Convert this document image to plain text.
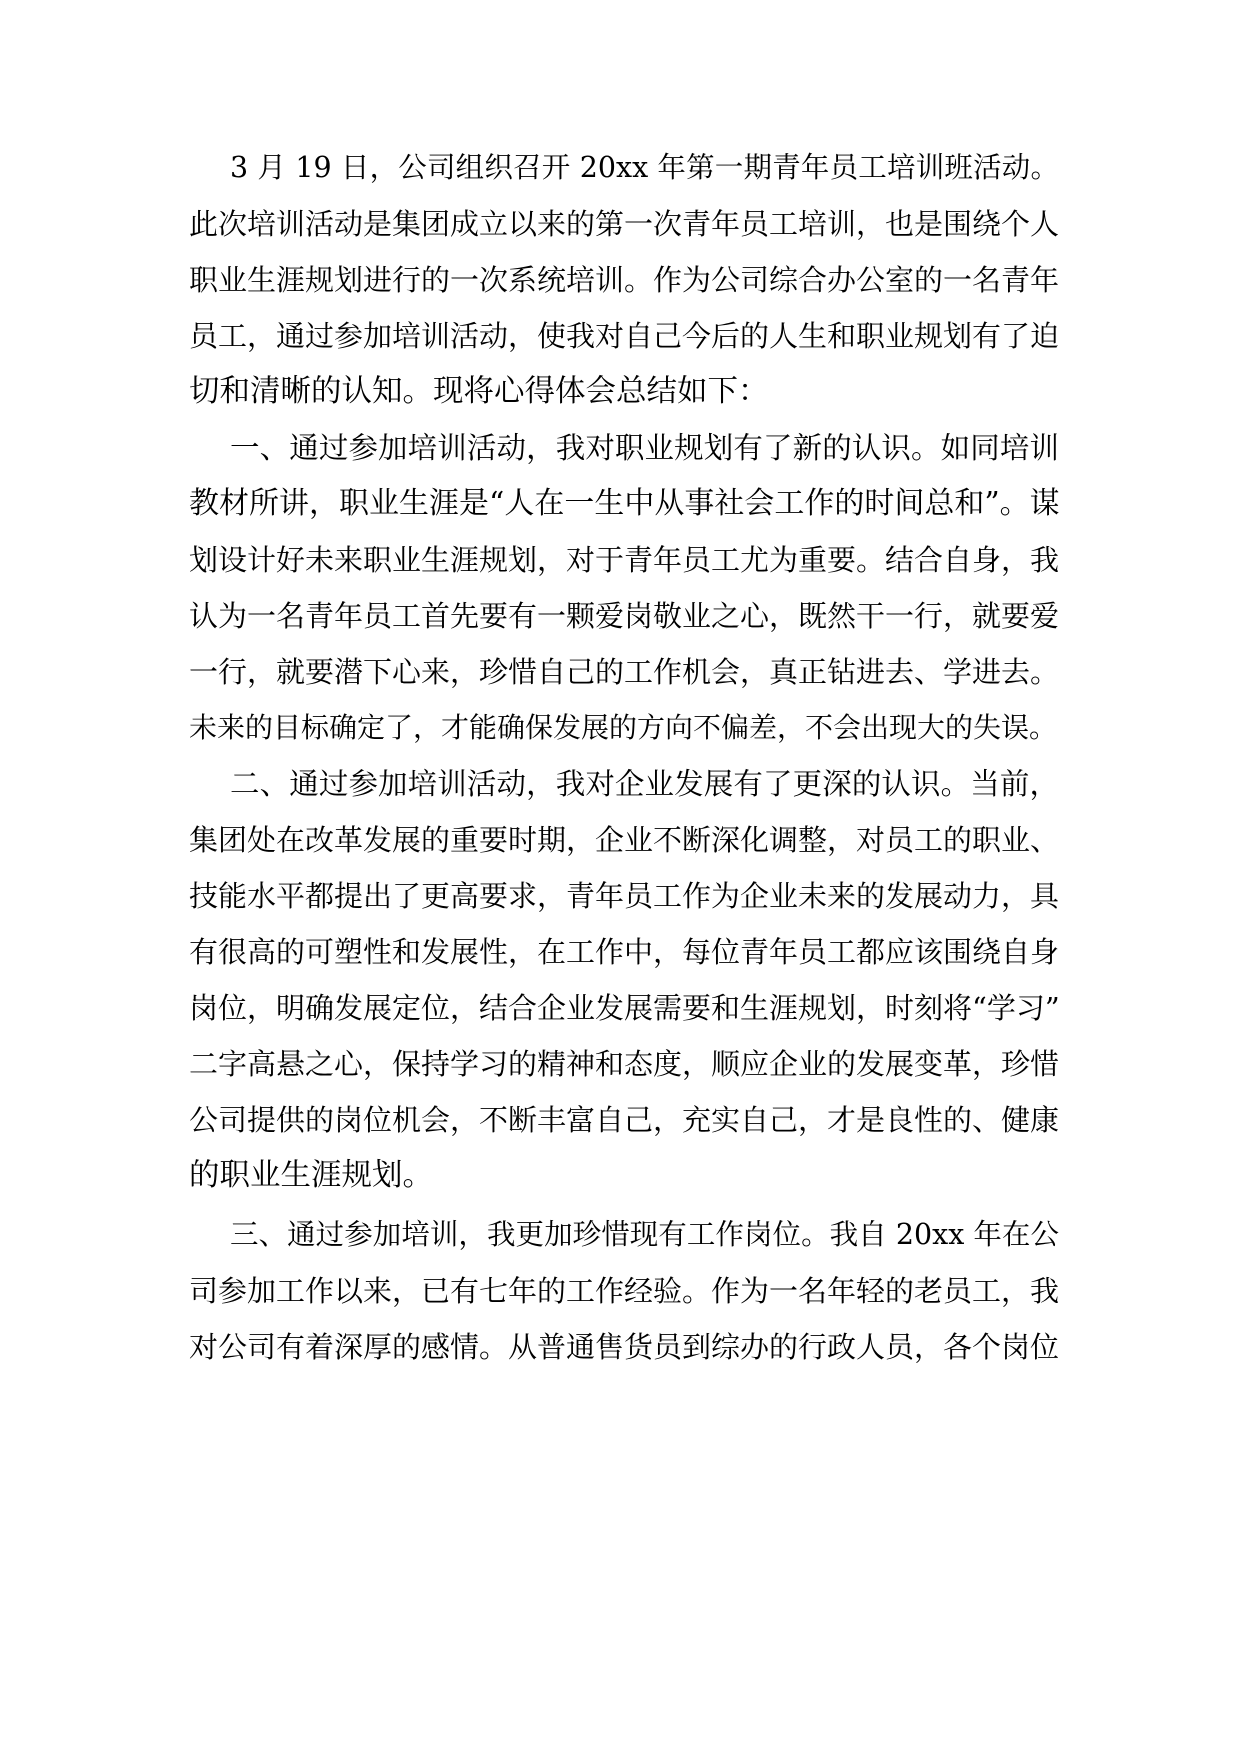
3 月 19 日，公司组织召开 20xx 年第一期青年员工培训班活动。
此次培训活动是集团成立以来的第一次青年员工培训，也是围绕个人
职业生涯规划进行的一次系统培训。作为公司综合办公室的一名青年
员工，通过参加培训活动，使我对自己今后的人生和职业规划有了迫
切和清晰的认知。现将心得体会总结如下：
一、通过参加培训活动，我对职业规划有了新的认识。如同培训
教材所讲，职业生涯是“人在一生中从事社会工作的时间总和”。谋
划设计好未来职业生涯规划，对于青年员工尤为重要。结合自身，我
认为一名青年员工首先要有一颗爱岗敬业之心，既然干一行，就要爱
一行，就要潜下心来，珍惜自己的工作机会，真正钻进去、学进去。
未来的目标确定了，才能确保发展的方向不偏差，不会出现大的失误。
二、通过参加培训活动，我对企业发展有了更深的认识。当前，
集团处在改革发展的重要时期，企业不断深化调整，对员工的职业、
技能水平都提出了更高要求，青年员工作为企业未来的发展动力，具
有很高的可塑性和发展性，在工作中，每位青年员工都应该围绕自身
岗位，明确发展定位，结合企业发展需要和生涯规划，时刻将“学习”
二字高悬之心，保持学习的精神和态度，顺应企业的发展变革，珍惜
公司提供的岗位机会，不断丰富自己，充实自己，才是良性的、健康
的职业生涯规划。
三、通过参加培训，我更加珍惜现有工作岗位。我自 20xx 年在公
司参加工作以来，已有七年的工作经验。作为一名年轻的老员工，我
对公司有着深厚的感情。从普通售货员到综办的行政人员，各个岗位
